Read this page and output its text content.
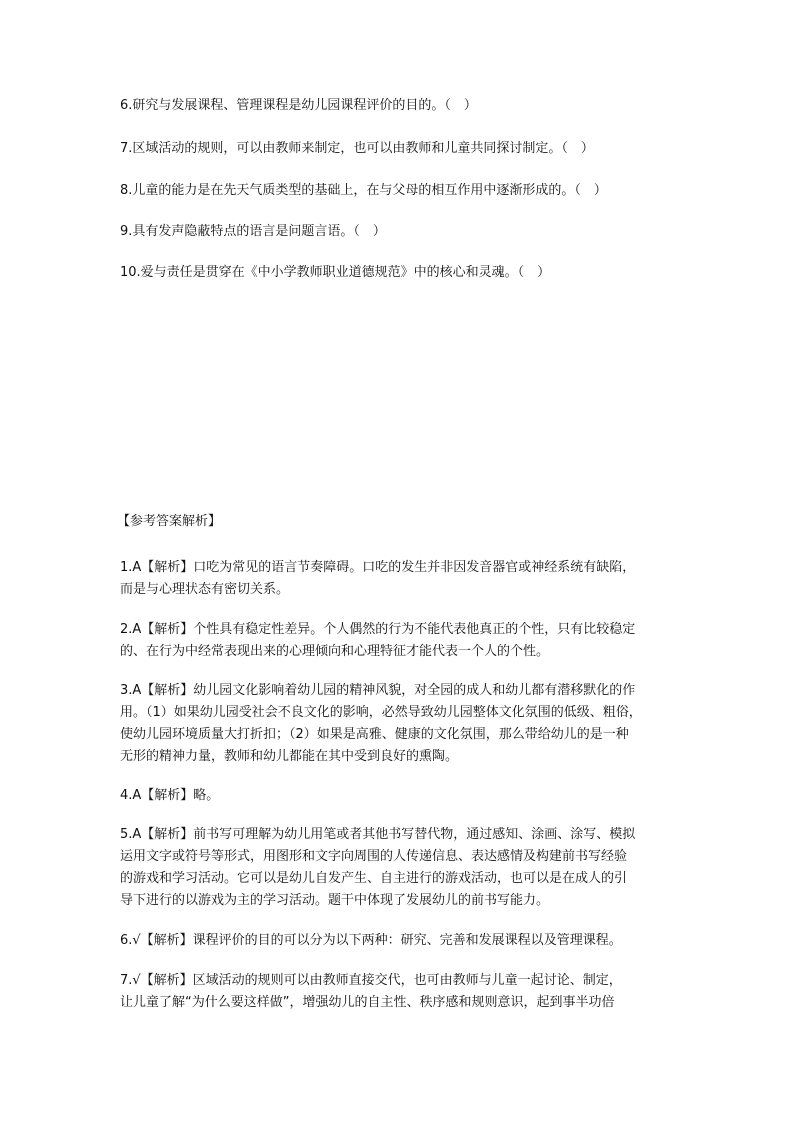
6.研究与发展课程、管理课程是幼儿园课程评价的目的。（　）
7.区域活动的规则，可以由教师来制定，也可以由教师和儿童共同探讨制定。（　）
8.儿童的能力是在先天气质类型的基础上，在与父母的相互作用中逐渐形成的。（　）
9.具有发声隐蔽特点的语言是问题言语。（　）
10.爱与责任是贯穿在《中小学教师职业道德规范》中的核心和灵魂。（　）
【参考答案解析】

1.A【解析】口吃为常见的语言节奏障碍。口吃的发生并非因发音器官或神经系统有缺陷，

而是与心理状态有密切关系。

2.A【解析】个性具有稳定性差异。个人偶然的行为不能代表他真正的个性，只有比较稳定

的、在行为中经常表现出来的心理倾向和心理特征才能代表一个人的个性。

3.A【解析】幼儿园文化影响着幼儿园的精神风貌，对全园的成人和幼儿都有潜移默化的作

用。（1）如果幼儿园受社会不良文化的影响，必然导致幼儿园整体文化氛围的低级、粗俗，

使幼儿园环境质量大打折扣；（2）如果是高雅、健康的文化氛围，那么带给幼儿的是一种

无形的精神力量，教师和幼儿都能在其中受到良好的熏陶。

4.A【解析】略。

5.A【解析】前书写可理解为幼儿用笔或者其他书写替代物，通过感知、涂画、涂写、模拟

运用文字或符号等形式，用图形和文字向周围的人传递信息、表达感情及构建前书写经验

的游戏和学习活动。它可以是幼儿自发产生、自主进行的游戏活动，也可以是在成人的引

导下进行的以游戏为主的学习活动。题干中体现了发展幼儿的前书写能力。

6.√【解析】课程评价的目的可以分为以下两种：研究、完善和发展课程以及管理课程。

7.√【解析】区域活动的规则可以由教师直接交代，也可由教师与儿童一起讨论、制定，

让儿童了解“为什么要这样做”，增强幼儿的自主性、秩序感和规则意识，起到事半功倍
